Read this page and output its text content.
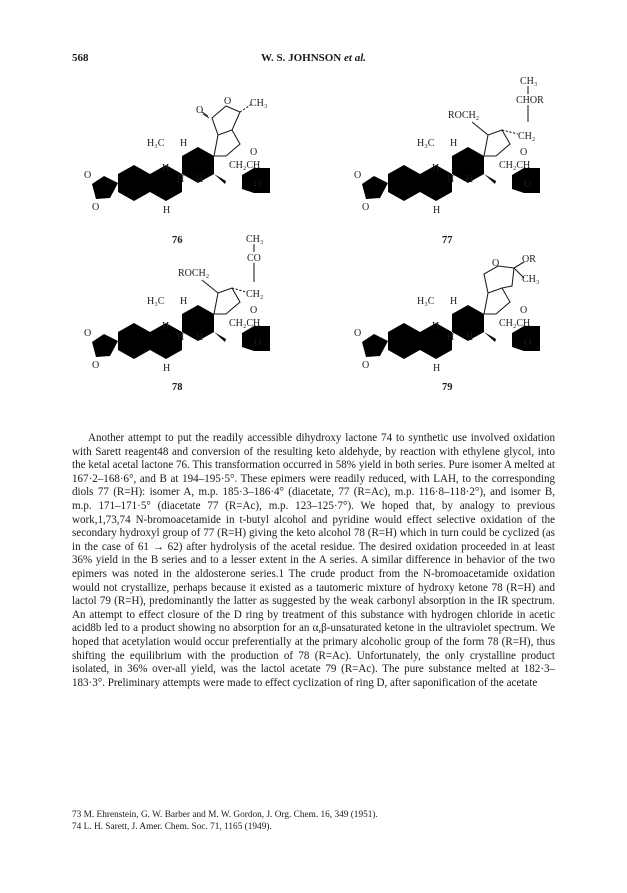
568	W. S. JOHNSON et al.
O
O CH₃
H₃C H
H
H H
H
CH₂CH
O
O
O
O
76
CH₃
ROCH₂
CHOR
CH₂
H₃C H
H
H H
H
CH₂CH
O
O
O
O
77
CH₃
ROCH₂
CO
CH₂
H₃C H
H
H H
H
CH₂CH
O
O
O
O
78
O OR
CH₃
H₃C H
H
H H
H
CH₂CH
O
O
O
O
79

Another attempt to put the readily accessible dihydroxy lactone 74 to synthetic use involved oxidation with Sarett reagent48 and conversion of the resulting keto aldehyde, by reaction with ethylene glycol, into the ketal acetal lactone 76. This transformation occurred in 58% yield in both series. Pure isomer A melted at 167·2–168·6°, and B at 194–195·5°. These epimers were readily reduced, with LAH, to the corresponding diols 77 (R=H): isomer A, m.p. 185·3–186·4° (diacetate, 77 (R=Ac), m.p. 116·8–118·2°), and isomer B, m.p. 171–171·5° (diacetate 77 (R=Ac), m.p. 123–125·7°). We hoped that, by analogy to previous work,1,73,74 N-bromoacetamide in t-butyl alcohol and pyridine would effect selective oxidation of the secondary hydroxyl group of 77 (R=H) giving the keto alcohol 78 (R=H) which in turn could be cyclized (as in the case of 61 → 62) after hydrolysis of the acetal residue. The desired oxidation proceeded in at least 36% yield in the B series and to a lesser extent in the A series. A similar difference in behavior of the two epimers was noted in the aldosterone series.1 The crude product from the N-bromoacetamide oxidation would not crystallize, perhaps because it existed as a tautomeric mixture of hydroxy ketone 78 (R=H) and lactol 79 (R=H), predominantly the latter as suggested by the weak carbonyl absorption in the IR spectrum. An attempt to effect closure of the D ring by treatment of this substance with hydrogen chloride in acetic acid8b led to a product showing no absorption for an α,β-unsaturated ketone in the ultraviolet spectrum. We hoped that acetylation would occur preferentially at the primary alcoholic group of the form 78 (R=H), thus shifting the equilibrium with the production of 78 (R=Ac). Unfortunately, the only crystalline product isolated, in 36% over-all yield, was the lactol acetate 79 (R=Ac). The pure substance melted at 182·3–183·3°. Preliminary attempts were made to effect cyclization of ring D, after saponification of the acetate

73 M. Ehrenstein, G. W. Barber and M. W. Gordon, J. Org. Chem. 16, 349 (1951).
74 L. H. Sarett, J. Amer. Chem. Soc. 71, 1165 (1949).
